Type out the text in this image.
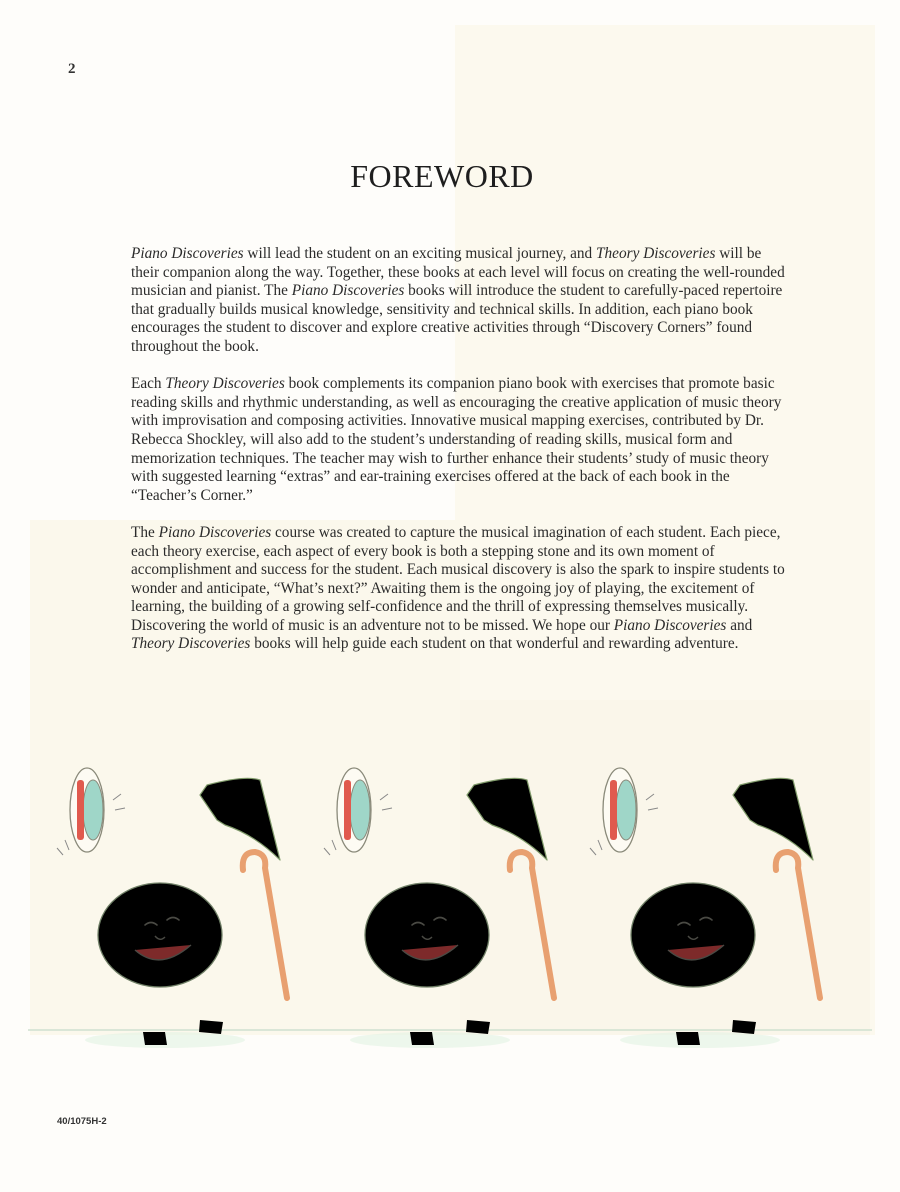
2
FOREWORD

Piano Discoveries will lead the student on an exciting musical journey, and Theory Discoveries will be their companion along the way. Together, these books at each level will focus on creating the well-rounded musician and pianist. The Piano Discoveries books will introduce the student to carefully-paced repertoire that gradually builds musical knowledge, sensitivity and technical skills. In addition, each piano book encourages the student to discover and explore creative activities through “Discovery Corners” found throughout the book.

Each Theory Discoveries book complements its companion piano book with exercises that promote basic reading skills and rhythmic understanding, as well as encouraging the creative application of music theory with improvisation and composing activities. Innovative musical mapping exercises, contributed by Dr. Rebecca Shockley, will also add to the student’s understanding of reading skills, musical form and memorization techniques. The teacher may wish to further enhance their students’ study of music theory with suggested learning “extras” and ear-training exercises offered at the back of each book in the “Teacher’s Corner.”

The Piano Discoveries course was created to capture the musical imagination of each student. Each piece, each theory exercise, each aspect of every book is both a stepping stone and its own moment of accomplishment and success for the student. Each musical discovery is also the spark to inspire students to wonder and anticipate, “What’s next?” Awaiting them is the ongoing joy of playing, the excitement of learning, the building of a growing self-confidence and the thrill of expressing themselves musically. Discovering the world of music is an adventure not to be missed. We hope our Piano Discoveries and Theory Discoveries books will help guide each student on that wonderful and rewarding adventure.

40/1075H-2
